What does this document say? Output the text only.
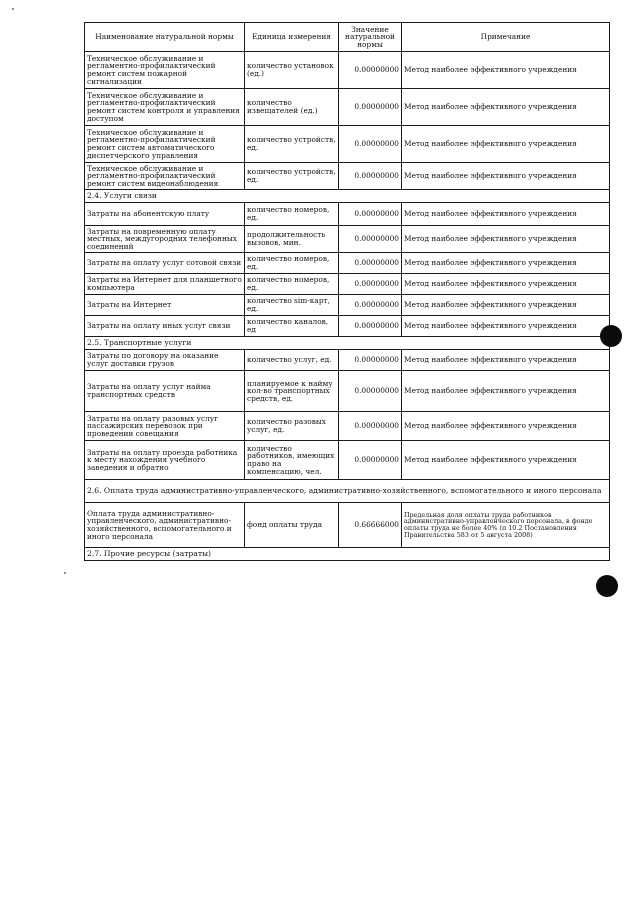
Наименование натуральной нормы	Единица измерения	Значение натуральной нормы	Примечание
Техническое обслуживание и регламентно-профилактический ремонт систем пожарной сигнализации	количество установок (ед.)	0.00000000	Метод наиболее эффективного учреждения
Техническое обслуживание и регламентно-профилактический ремонт систем контроля и управления доступом	количество извещателей (ед.)	0.00000000	Метод наиболее эффективного учреждения
Техническое обслуживание и регламентно-профилактический ремонт систем автоматического диспетчерского управления	количество устройств, ед.	0.00000000	Метод наиболее эффективного учреждения
Техническое обслуживание и регламентно-профилактический ремонт систем видеонаблюдения	количество устройств, ед.	0.00000000	Метод наиболее эффективного учреждения
2.4. Услуги связи			
Затраты на абонентскую плату	количество номеров, ед.	0.00000000	Метод наиболее эффективного учреждения
Затраты на повременную оплату местных, междугородних телефонных соединений	продолжительность вызовов, мин.	0.00000000	Метод наиболее эффективного учреждения
Затраты на оплату услуг сотовой связи	количество номеров, ед.	0.00000000	Метод наиболее эффективного учреждения
Затраты на Интернет для планшетного компьютера	количество номеров, ед.	0.00000000	Метод наиболее эффективного учреждения
Затраты на Интернет	количество sim-карт, ед.	0.00000000	Метод наиболее эффективного учреждения
Затраты на оплату иных услуг связи	количество каналов, ед	0.00000000	Метод наиболее эффективного учреждения
2.5. Транспортные услуги			
Затраты по договору на оказание услуг доставки грузов	количество услуг, ед.	0.00000000	Метод наиболее эффективного учреждения
Затраты на оплату услуг найма транспортных средств	планируемое к найму кол-во транспортных средств, ед.	0.00000000	Метод наиболее эффективного учреждения
Затраты на оплату разовых услуг пассажирских перевозок при проведении совещания	количество разовых услуг, ед.	0.00000000	Метод наиболее эффективного учреждения
Затраты на оплату проезда работника к месту нахождения учебного заведения и обратно	количество работников, имеющих право на компенсацию, чел.	0.00000000	Метод наиболее эффективного учреждения
2.6. Оплата труда административно-управленческого, административно-хозяйственного, вспомогательного и иного персонала			
Оплата труда административно-управленческого, административно-хозяйственного, вспомогательного и иного персонала	фонд оплаты труда	0.66666000	Предельная доля оплаты труда работников административно-управленческого персонала, в фонде оплаты труда не более 40% (п 10.2 Постановления Правительства 583 от 5 августа 2008)
2.7. Прочие ресурсы (затраты)			
